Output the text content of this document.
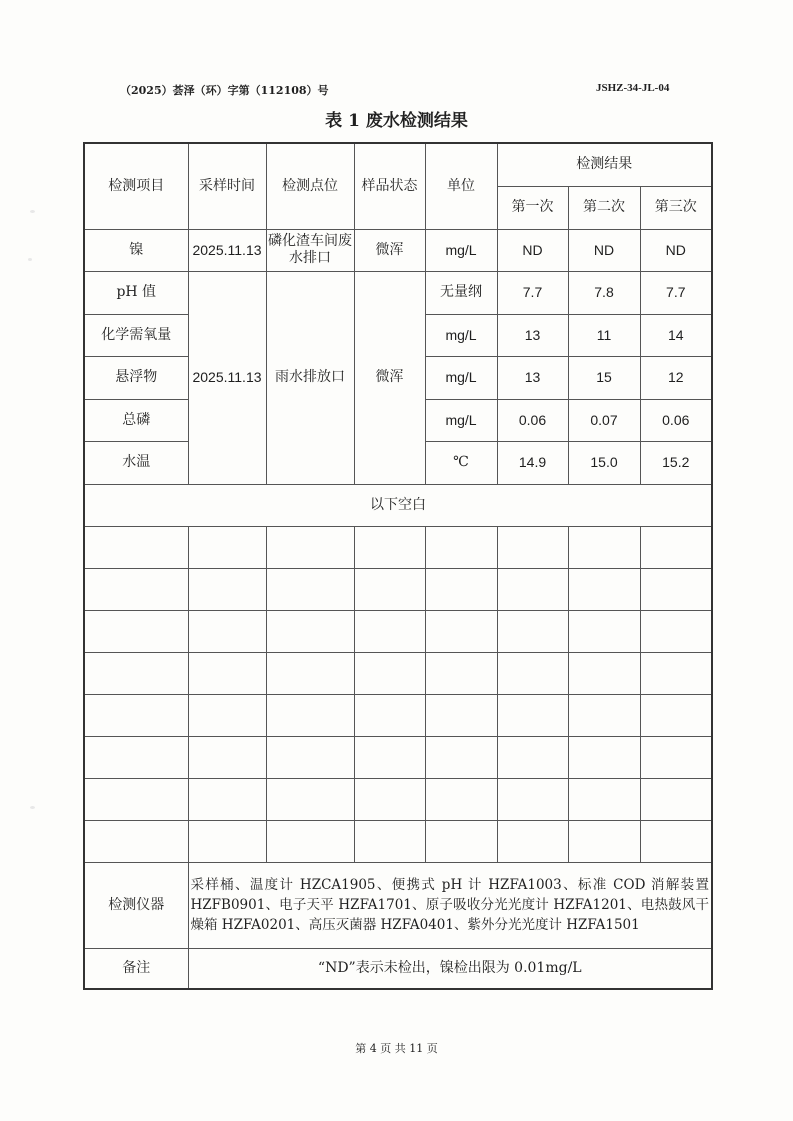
（2025）荟泽（环）字第（112108）号	JSHZ-34-JL-04
表 1 废水检测结果
检测项目	采样时间	检测点位	样品状态	单位	检测结果		
					第一次	第二次	第三次
镍	2025.11.13	磷化渣车间废水排口	微浑	mg/L	ND	ND	ND
pH 值	2025.11.13	雨水排放口	微浑	无量纲	7.7	7.8	7.7
化学需氧量				mg/L	13	11	14
悬浮物				mg/L	13	15	12
总磷				mg/L	0.06	0.07	0.06
水温				℃	14.9	15.0	15.2
以下空白							

检测仪器	采样桶、温度计 HZCA1905、便携式 pH 计 HZFA1003、标准 COD 消解装置 HZFB0901、电子天平 HZFA1701、原子吸收分光光度计 HZFA1201、电热鼓风干燥箱 HZFA0201、高压灭菌器 HZFA0401、紫外分光光度计 HZFA1501						
备注	“ND”表示未检出，镍检出限为 0.01mg/L						
第 4 页 共 11 页
